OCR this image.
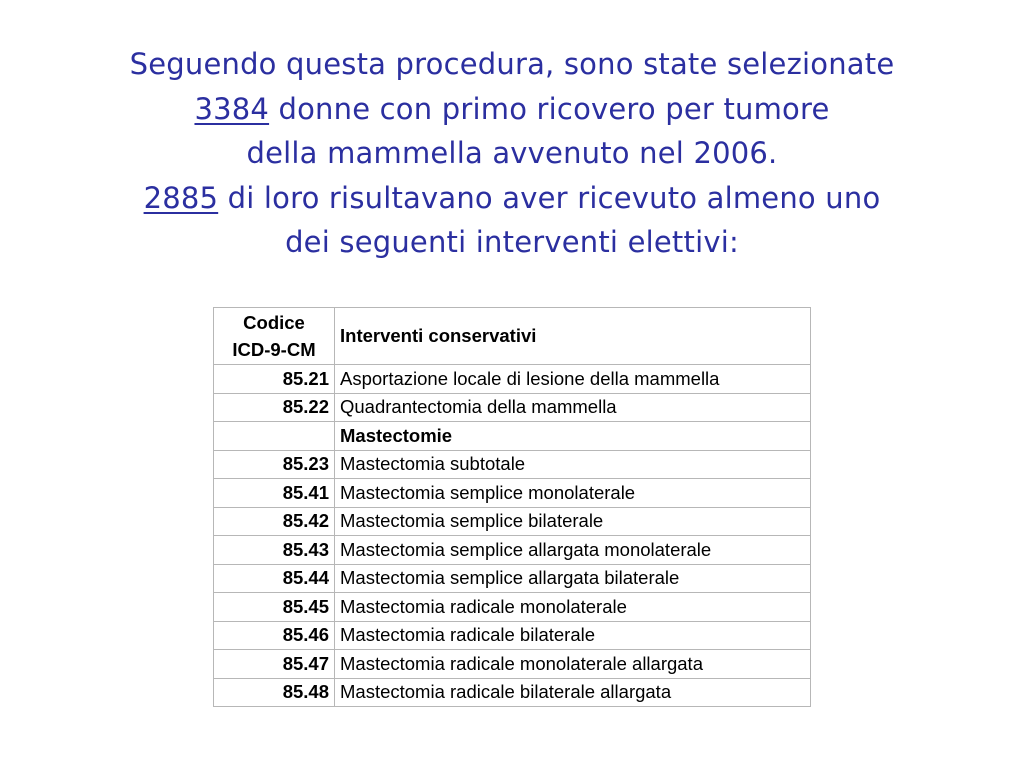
Seguendo questa procedura, sono state selezionate
3384 donne con primo ricovero per tumore
della mammella avvenuto nel 2006.
2885 di loro risultavano aver ricevuto almeno uno
dei seguenti interventi elettivi:
Codice
ICD-9-CM	Interventi conservativi
85.21	Asportazione locale di lesione della mammella
85.22	Quadrantectomia della mammella
	Mastectomie
85.23	Mastectomia subtotale
85.41	Mastectomia semplice monolaterale
85.42	Mastectomia semplice bilaterale
85.43	Mastectomia semplice allargata monolaterale
85.44	Mastectomia semplice allargata bilaterale
85.45	Mastectomia radicale monolaterale
85.46	Mastectomia radicale bilaterale
85.47	Mastectomia radicale monolaterale allargata
85.48	Mastectomia radicale bilaterale allargata
